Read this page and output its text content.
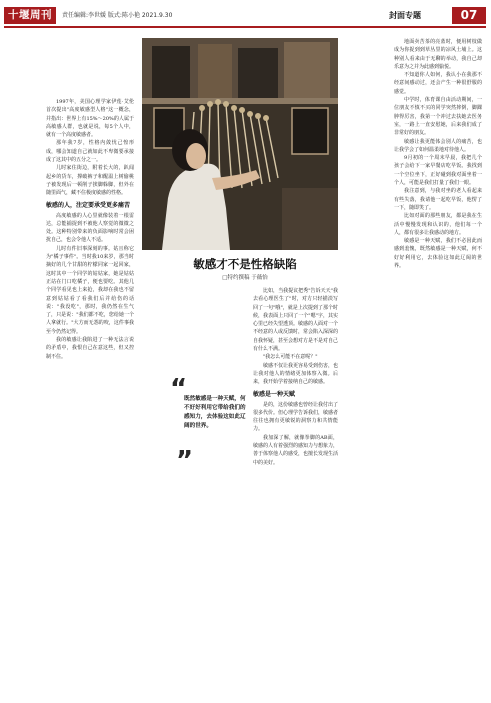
十堰周刊	责任编辑:李世媛 版式:陈小艳 2021.9.30	封面专题	07
敏感才不是性格缺陷
□特约撰稿 于薇怡
“
既然敏感是一种天赋，何不好好利用它带给我们的感知力，去体验这如此辽阔的世界。
”

1997年，美国心理学家伊莲·艾伦首次提出"高度敏感型人格"这一概念，并指出：世界上有15%～20%的人属于高敏感人群，也就是说，每5个人中，就有一个高度敏感者。

那年我7岁，性格内敛忧己惶形成，哪会知道自己就如此不卑微要承接成了这其中的五分之一。

儿时家住街边，附着长大的，趴闻起乡的货车，撑破裤子和醒温上树偷桃子被发现后一顿削子挨脚躲脚，但外在随里面气，藏不住极度敏感的性格。

敏感的人，注定要承受更多痛苦

高度敏感的人心里就像装着一根雷达，总能捕捉到不被他人察觉的微微之处。这种特别带来的负面影响时常会困扰自己，也会令他人不适。

儿时有件旧事深刻的事。姑且称它为"橘子事件"。当时我10来岁，那当时摘好的几个甘甜的柠檬同家一起回家，这时其中一个同学的姑姑家，她是姑姑正站在门口吃橘子，便也要吃。其他几个同学看见也上来抢，我却在我也不留意到姑姑看了看我们后并给伤的话说："我没吃"，那时，我仍然在生气了，只是说："我们都不吃，您给她一个人拿就行。"大方而无怨的咬，这件事我至今仍然记得。

我的敏感让我陷进了一种无法言说的矛盾中，我恨自己在意这些，但又控制不住。

比如，当我提议把秀"告诉天天"我去看心理医生了"时，对方只轻描淡写回了一句"哦"，就是上次提到了那个时候，我表面上只回了一个"嗯"字，其实心里已经失望透顶。敏感的人面对一个不经意的人或反馈时，常会陷入深深的自我怀疑，甚至会想对方是不是对自己有什么不满。

"我怎么可能不在意呢？"

敏感不仅让我更容易受到伤害，也让我对他人的情绪更加体察入微。后来，我开始学着接纳自己的敏感。

敏感是一种天赋

是的，这份敏感也曾经让我付出了很多代价。但心理学告诉我们，敏感者往往也拥有更敏锐的洞察力和共情能力。

我加深了解，就像拳脚的AB面，敏感的人有着强烈的感知力与想象力，善于体察他人的感受，也擅长发现生活中的美好。

地面卖苦茶的亮蓝时，便用树枝做成为你捉到到草丛里的凉风土埔上。这种别人看来由于无聊的举动，我自己却乐意为之并为此感到愉悦。

不知道你人如何，我认小在我那不经意间感动过，还会产生一种很舒服的感觉。

中学时，体育课自由活动期间，一位朋友不慎不买的同学突然摔倒，脚踝肿得厉害，我第一个冲过去扶她去医务室，一路上一直安慰她，后来我们成了非常好的朋友。

敏感让我更能体会别人的痛苦，也让我学会了如何温柔地对待他人。

9月初的一个周末早晨，我把几个孩子会给下一家早餐店吃早饭。我找到一个空位坐下，正好碰到我对面坐着一个人，可能是我们打量了我们一眼。

我注意到，与我对坐的老人看起来有些失落，我请他一起吃早饭，他愣了一下，随即笑了。

比如对面的那些朋友，都是我在生活中慢慢发现和认识的，他们每一个人，都有很多让我感动的地方。

敏感是一种天赋，我们不必因此而感到羞愧，既然敏感是一种天赋，何不好好利用它，去体验这如此辽阔的世界。
